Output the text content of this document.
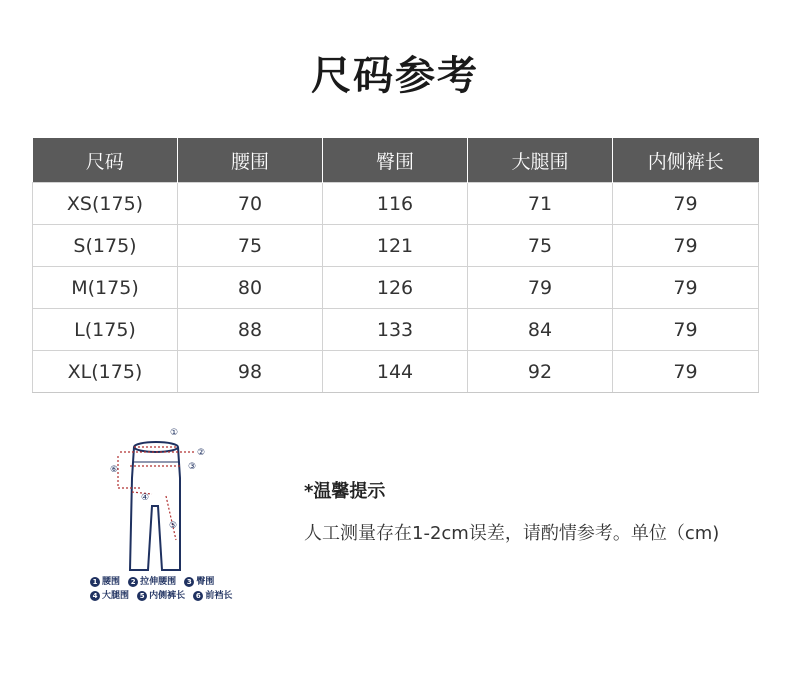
尺码参考
尺码	腰围	臀围	大腿围	内侧裤长
XS(175)	70	116	71	79
S(175)	75	121	75	79
M(175)	80	126	79	79
L(175)	88	133	84	79
XL(175)	98	144	92	79
①
②
③
⑥
④
⑤
1 腰围 2 拉伸腰围 3 臀围
4 大腿围 5 内侧裤长 6 前裆长
*温馨提示
人工测量存在1-2cm误差，请酌情参考。单位（cm)
